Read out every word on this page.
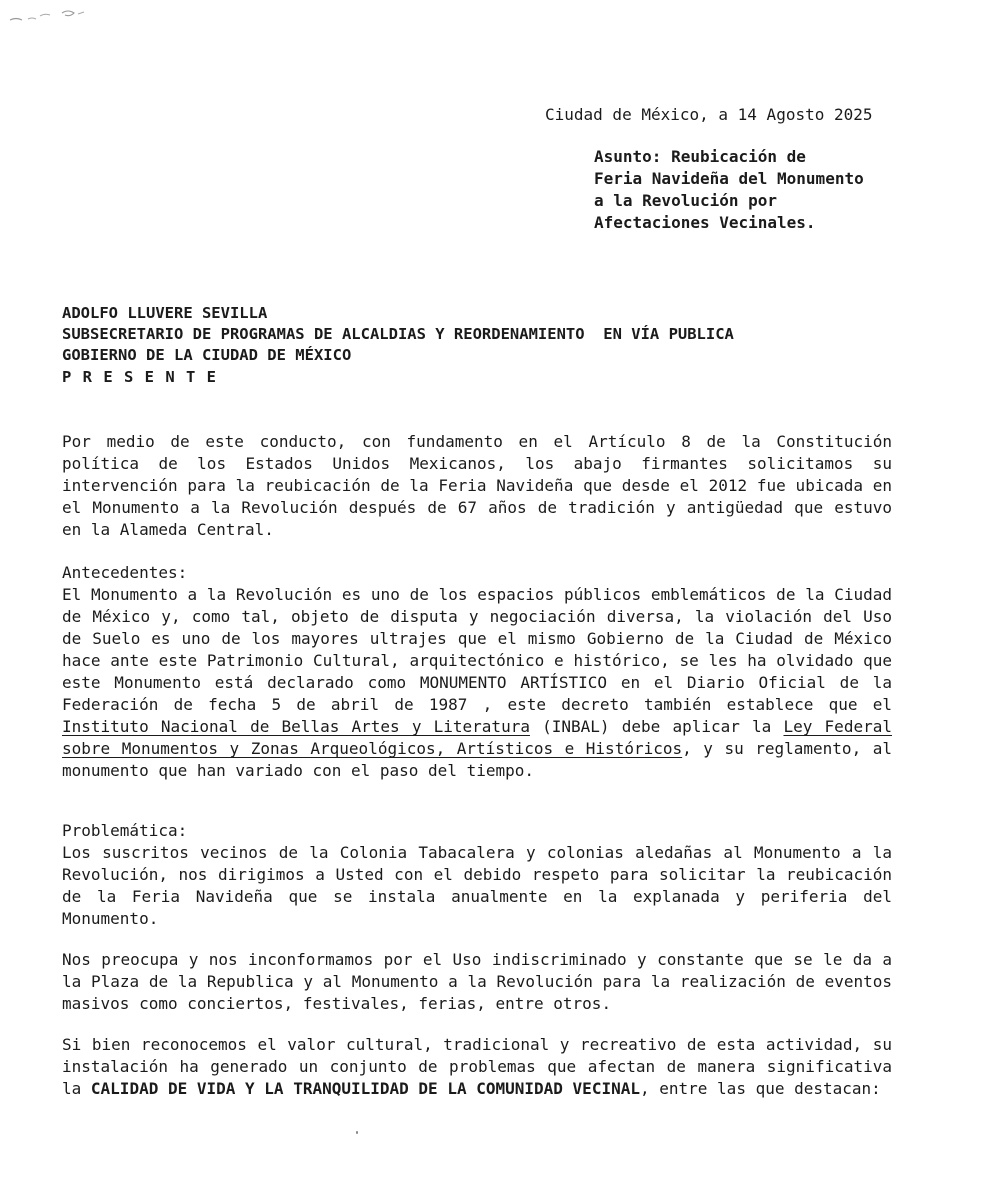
Ciudad de México, a 14 Agosto 2025
Asunto: Reubicación de
Feria Navideña del Monumento
a la Revolución por
Afectaciones Vecinales.
ADOLFO LLUVERE SEVILLA
SUBSECRETARIO DE PROGRAMAS DE ALCALDIAS Y REORDENAMIENTO  EN VÍA PUBLICA
GOBIERNO DE LA CIUDAD DE MÉXICO
P R E S E N T E
Por medio de este conducto, con fundamento en el Artículo 8 de la Constitución política de los Estados Unidos Mexicanos, los abajo firmantes solicitamos su intervención para la reubicación de la Feria Navideña que desde el 2012 fue ubicada en el Monumento a la Revolución después de 67 años de tradición y antigüedad que estuvo en la Alameda Central.
Antecedentes:
El Monumento a la Revolución es uno de los espacios públicos emblemáticos de la Ciudad de México y, como tal, objeto de disputa y negociación diversa, la violación del Uso de Suelo es uno de los mayores ultrajes que el mismo Gobierno de la Ciudad de México hace ante este Patrimonio Cultural, arquitectónico e histórico, se les ha olvidado que este Monumento está declarado como MONUMENTO ARTÍSTICO en el Diario Oficial de la Federación de fecha 5 de abril de 1987 , este decreto también establece que el Instituto Nacional de Bellas Artes y Literatura (INBAL) debe aplicar la Ley Federal sobre Monumentos y Zonas Arqueológicos, Artísticos e Históricos, y su reglamento, al monumento que han variado con el paso del tiempo.
Problemática:
Los suscritos vecinos de la Colonia Tabacalera y colonias aledañas al Monumento a la Revolución, nos dirigimos a Usted con el debido respeto para solicitar la reubicación de la Feria Navideña que se instala anualmente en la explanada y periferia del Monumento.
Nos preocupa y nos inconformamos por el Uso indiscriminado y constante que se le da a la Plaza de la Republica y al Monumento a la Revolución para la realización de eventos masivos como conciertos, festivales, ferias, entre otros.
Si bien reconocemos el valor cultural, tradicional y recreativo de esta actividad, su instalación ha generado un conjunto de problemas que afectan de manera significativa la CALIDAD DE VIDA Y LA TRANQUILIDAD DE LA COMUNIDAD VECINAL, entre las que destacan:
